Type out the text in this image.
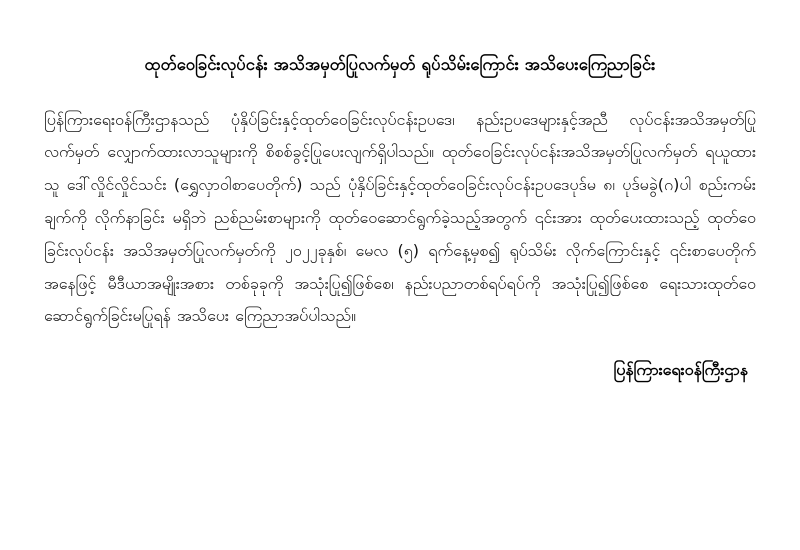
ထုတ်ဝေခြင်းလုပ်ငန်း အသိအမှတ်ပြုလက်မှတ် ရုပ်သိမ်းကြောင်း အသိပေးကြေညာခြင်း

ပြန်ကြားရေးဝန်ကြီးဌာနသည် ပုံနှိပ်ခြင်းနှင့်ထုတ်ဝေခြင်းလုပ်ငန်းဥပဒေ၊ နည်းဥပဒေများနှင့်အညီ လုပ်ငန်းအသိအမှတ်ပြုလက်မှတ် လျှောက်ထားလာသူများကို စိစစ်ခွင့်ပြုပေးလျက်ရှိပါသည်။ ထုတ်ဝေခြင်းလုပ်ငန်းအသိအမှတ်ပြုလက်မှတ် ရယူထားသူ ဒေါ်လှိုင်လှိုင်သင်း (ရွှေလှာဝါစာပေတိုက်) သည် ပုံနှိပ်ခြင်းနှင့်ထုတ်ဝေခြင်းလုပ်ငန်းဥပဒေပုဒ်မ ၈၊ ပုဒ်မခွဲ(ဂ)ပါ စည်းကမ်းချက်ကို လိုက်နာခြင်း မရှိဘဲ ညစ်ညမ်းစာများကို ထုတ်ဝေဆောင်ရွက်ခဲ့သည့်အတွက် ၎င်းအား ထုတ်ပေးထားသည့် ထုတ်ဝေခြင်းလုပ်ငန်း အသိအမှတ်ပြုလက်မှတ်ကို ၂၀၂၂ခုနှစ်၊ မေလ (၅) ရက်နေ့မှစ၍ ရုပ်သိမ်း လိုက်ကြောင်းနှင့် ၎င်းစာပေတိုက်အနေဖြင့် မီဒီယာအမျိုးအစား တစ်ခုခုကို အသုံးပြု၍ဖြစ်စေ၊ နည်းပညာတစ်ရပ်ရပ်ကို အသုံးပြု၍ဖြစ်စေ ရေးသားထုတ်ဝေ ဆောင်ရွက်ခြင်းမပြုရန် အသိပေး ကြေညာအပ်ပါသည်။

ပြန်ကြားရေးဝန်ကြီးဌာန
